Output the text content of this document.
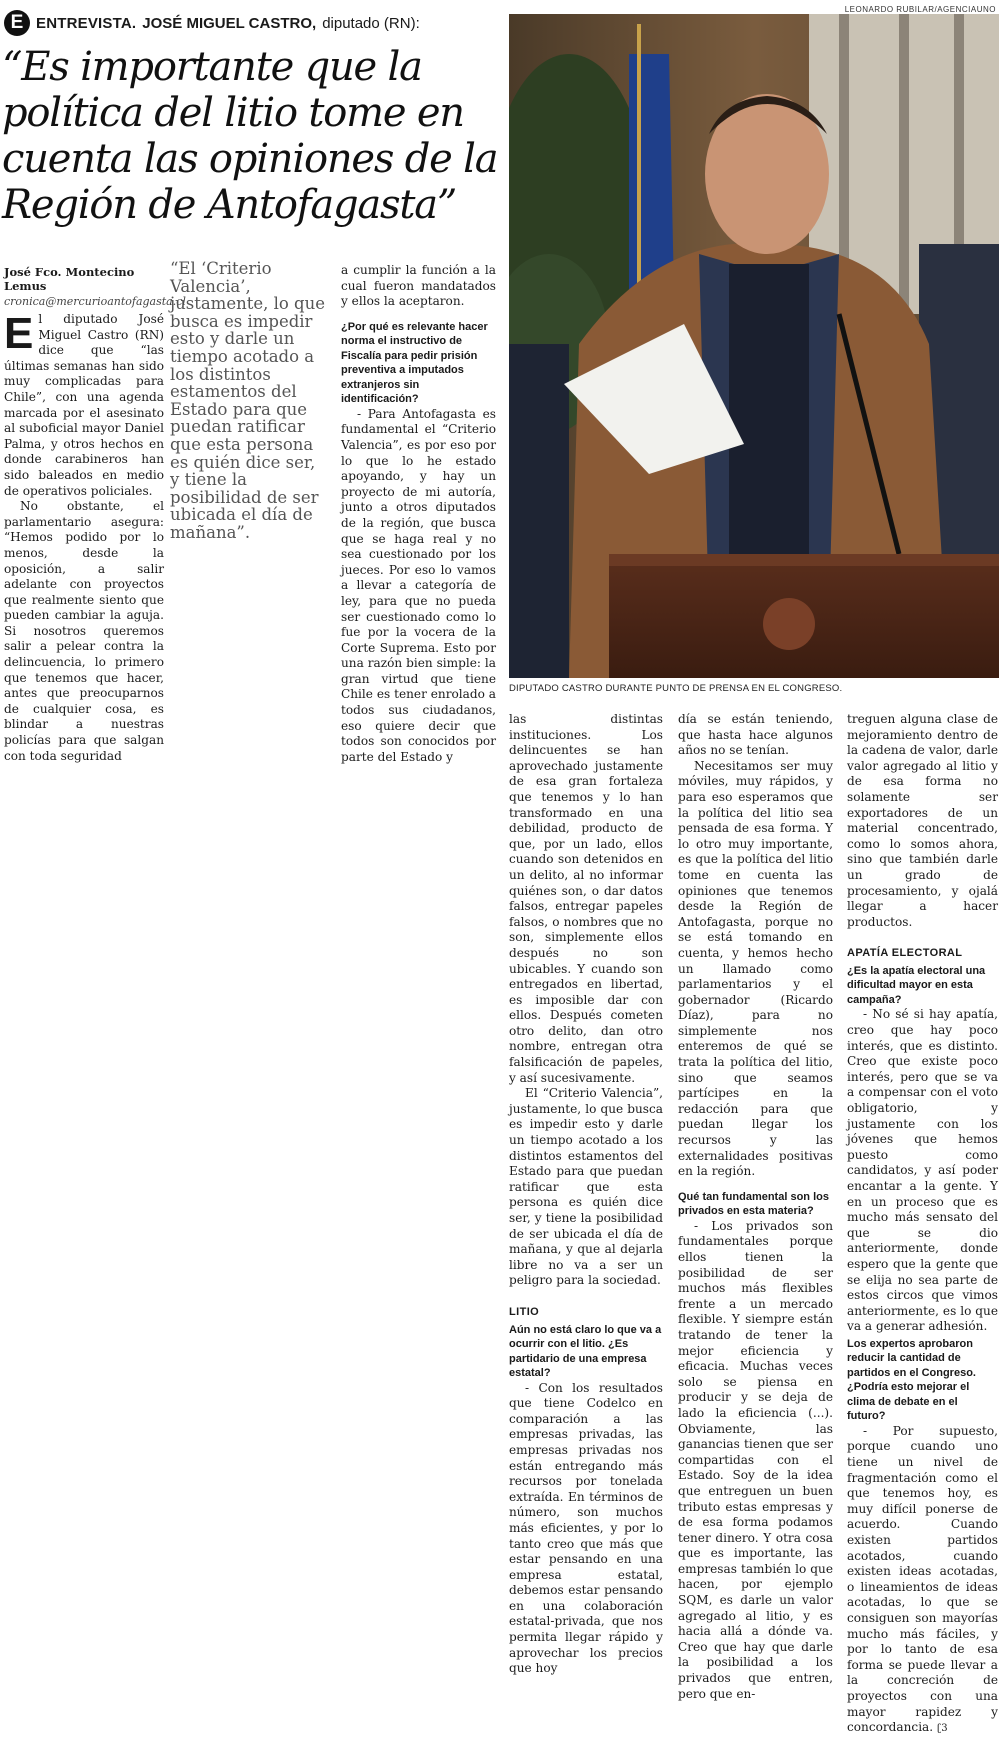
E ENTREVISTA. JOSÉ MIGUEL CASTRO, diputado (RN):
“Es importante que la política del litio tome en cuenta las opiniones de la Región de Antofagasta”
LEONARDO RUBILAR/AGENCIAUNO
DIPUTADO CASTRO DURANTE PUNTO DE PRENSA EN EL CONGRESO.
José Fco. Montecino Lemus
cronica@mercurioantofagasta.cl

El diputado José Miguel Castro (RN) dice que “las últimas semanas han sido muy complicadas para Chile”, con una agenda marcada por el asesinato al suboficial mayor Daniel Palma, y otros hechos en donde carabineros han sido baleados en medio de operativos policiales.

No obstante, el parlamentario asegura: “Hemos podido por lo menos, desde la oposición, a salir adelante con proyectos que realmente siento que pueden cambiar la aguja. Si nosotros queremos salir a pelear contra la delincuencia, lo primero que tenemos que hacer, antes que preocuparnos de cualquier cosa, es blindar a nuestras policías para que salgan con toda seguridad

“El ‘Criterio Valencia’, justamente, lo que busca es impedir esto y darle un tiempo acotado a los distintos estamentos del Estado para que puedan ratificar que esta persona es quién dice ser, y tiene la posibilidad de ser ubicada el día de mañana”.

a cumplir la función a la cual fueron mandatados y ellos la aceptaron.

¿Por qué es relevante hacer norma el instructivo de Fiscalía para pedir prisión preventiva a imputados extranjeros sin identificación?

- Para Antofagasta es fundamental el “Criterio Valencia”, es por eso por lo que lo he estado apoyando, y hay un proyecto de mi autoría, junto a otros diputados de la región, que busca que se haga real y no sea cuestionado por los jueces. Por eso lo vamos a llevar a categoría de ley, para que no pueda ser cuestionado como lo fue por la vocera de la Corte Suprema. Esto por una razón bien simple: la gran virtud que tiene Chile es tener enrolado a todos sus ciudadanos, eso quiere decir que todos son conocidos por parte del Estado y

las distintas instituciones. Los delincuentes se han aprovechado justamente de esa gran fortaleza que tenemos y lo han transformado en una debilidad, producto de que, por un lado, ellos cuando son detenidos en un delito, al no informar quiénes son, o dar datos falsos, entregar papeles falsos, o nombres que no son, simplemente ellos después no son ubicables. Y cuando son entregados en libertad, es imposible dar con ellos. Después cometen otro delito, dan otro nombre, entregan otra falsificación de papeles, y así sucesivamente.

El “Criterio Valencia”, justamente, lo que busca es impedir esto y darle un tiempo acotado a los distintos estamentos del Estado para que puedan ratificar que esta persona es quién dice ser, y tiene la posibilidad de ser ubicada el día de mañana, y que al dejarla libre no va a ser un peligro para la sociedad.

LITIO

Aún no está claro lo que va a ocurrir con el litio. ¿Es partidario de una empresa estatal?

- Con los resultados que tiene Codelco en comparación a las empresas privadas, las empresas privadas nos están entregando más recursos por tonelada extraída. En términos de número, son muchos más eficientes, y por lo tanto creo que más que estar pensando en una empresa estatal, debemos estar pensando en una colaboración estatal-privada, que nos permita llegar rápido y aprovechar los precios que hoy

día se están teniendo, que hasta hace algunos años no se tenían.

Necesitamos ser muy móviles, muy rápidos, y para eso esperamos que la política del litio sea pensada de esa forma. Y lo otro muy importante, es que la política del litio tome en cuenta las opiniones que tenemos desde la Región de Antofagasta, porque no se está tomando en cuenta, y hemos hecho un llamado como parlamentarios y el gobernador (Ricardo Díaz), para no simplemente nos enteremos de qué se trata la política del litio, sino que seamos partícipes en la redacción para que puedan llegar los recursos y las externalidades positivas en la región.

Qué tan fundamental son los privados en esta materia?

- Los privados son fundamentales porque ellos tienen la posibilidad de ser muchos más flexibles frente a un mercado flexible. Y siempre están tratando de tener la mejor eficiencia y eficacia. Muchas veces solo se piensa en producir y se deja de lado la eficiencia (...). Obviamente, las ganancias tienen que ser compartidas con el Estado. Soy de la idea que entreguen un buen tributo estas empresas y de esa forma podamos tener dinero. Y otra cosa que es importante, las empresas también lo que hacen, por ejemplo SQM, es darle un valor agregado al litio, y es hacia allá a dónde va. Creo que hay que darle la posibilidad a los privados que entren, pero que en-

treguen alguna clase de mejoramiento dentro de la cadena de valor, darle valor agregado al litio y de esa forma no solamente ser exportadores de un material concentrado, como lo somos ahora, sino que también darle un grado de procesamiento, y ojalá llegar a hacer productos.

APATÍA ELECTORAL

¿Es la apatía electoral una dificultad mayor en esta campaña?

- No sé si hay apatía, creo que hay poco interés, que es distinto. Creo que existe poco interés, pero que se va a compensar con el voto obligatorio, y justamente con los jóvenes que hemos puesto como candidatos, y así poder encantar a la gente. Y en un proceso que es mucho más sensato del que se dio anteriormente, donde espero que la gente que se elija no sea parte de estos circos que vimos anteriormente, es lo que va a generar adhesión.

Los expertos aprobaron reducir la cantidad de partidos en el Congreso. ¿Podría esto mejorar el clima de debate en el futuro?

- Por supuesto, porque cuando uno tiene un nivel de fragmentación como el que tenemos hoy, es muy difícil ponerse de acuerdo. Cuando existen partidos acotados, cuando existen ideas acotadas, o lineamientos de ideas acotadas, lo que se consiguen son mayorías mucho más fáciles, y por lo tanto de esa forma se puede llevar a la concreción de proyectos con una mayor rapidez y concordancia. ʗ3
